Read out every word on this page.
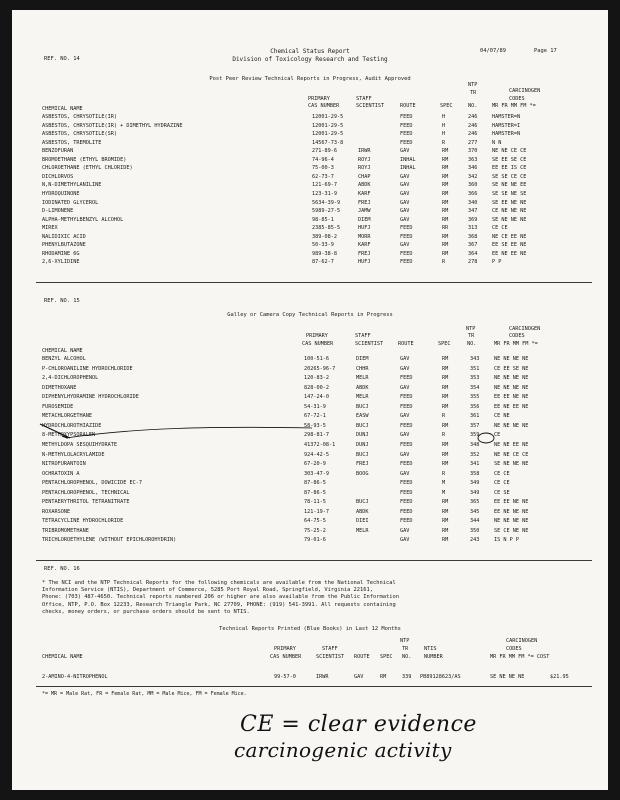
REF. NO. 14
Chemical Status Report
Division of Toxicology Research and Testing
04/07/89	Page 17
Post Peer Review Technical Reports in Progress, Audit Approved
NTP
CARCINOGEN
PRIMARY	STAFF
TR
CODES
CHEMICAL NAME	CAS NUMBER	SCIENTIST	ROUTE	SPEC	NO.	MR FR MM FM *=
ASBESTOS, CHRYSOTILE(IR)	12001-29-5	FEED	H	246	HAMSTER=N
ASBESTOS, CHRYSOTILE(IR) + DIMETHYL HYDRAZINE	12001-29-5	FEED	H	246	HAMSTER=I
ASBESTOS, CHRYSOTILE(SR)	12001-29-5	FEED	H	246	HAMSTER=N
ASBESTOS, TREMOLITE	14567-73-8	FEED	R	277	N N
BENZOFURAN	271-89-6	IRWR	GAV	RM	370	NE NE CE CE
BROMOETHANE (ETHYL BROMIDE)	74-96-4	ROYJ	INHAL	RM	363	SE EE SE CE
CHLOROETHANE (ETHYL CHLORIDE)	75-00-3	ROYJ	INHAL	RM	346	EE EE IS CE
DICHLORVOS	62-73-7	CHAP	GAV	RM	342	SE SE CE CE
N,N-DIMETHYLANILINE	121-69-7	ABDK	GAV	RM	360	SE NE NE EE
HYDROQUINONE	123-31-9	KARF	GAV	RM	366	SE SE NE SE
IODINATED GLYCEROL	5634-39-9	FREJ	GAV	RM	340	SE EE NE NE
D-LIMONENE	5989-27-5	JAMW	GAV	RM	347	CE NE NE NE
ALPHA-METHYLBENZYL ALCOHOL	98-85-1	DIEM	GAV	RM	369	SE NE NE NE
MIREX	2385-85-5	HUFJ	FEED	RR	313	CE CE
NALIDIXIC ACID	389-08-2	MORR	FEED	RM	368	NE CE EE NE
PHENYLBUTAZONE	50-33-9	KARF	GAV	RM	367	EE SE EE NE
RHODAMINE 6G	989-38-8	FREJ	FEED	RM	364	EE NE EE NE
2,6-XYLIDINE	87-62-7	HUFJ	FEED	R	278	P P
REF. NO. 15
Galley or Camera Copy Technical Reports in Progress
NTP	CARCINOGEN
PRIMARY	STAFF	TR	CODES
CHEMICAL NAME
CAS NUMBER	SCIENTIST	ROUTE	SPEC	NO.	MR FR MM FM *=
BENZYL ALCOHOL	100-51-6	DIEM	GAV	RM	343	NE NE NE NE
P-CHLOROANILINE HYDROCHLORIDE	20265-96-7	CHHR	GAV	RM	351	CE EE SE NE
2,4-DICHLOROPHENOL	120-83-2	MELR	FEED	RM	353	NE NE NE NE
DIMETHOXANE	828-00-2	ABDK	GAV	RM	354	NE NE NE NE
DIPHENYLHYDRAMINE HYDROCHLORIDE	147-24-0	MELR	FEED	RM	355	EE EE NE NE
FUROSEMIDE	54-31-9	BUCJ	FEED	RM	356	EE NE EE NE
METACHLORGETHANE	67-72-1	EASW	GAV	R	361	CE NE
HYDROCHLOROTHIAZIDE	58-93-5	BUCJ	FEED	RM	357	NE NE NE NE
8-METHOXYPSORALEN	298-81-7	DUNJ	GAV	R	359	CE
METHYLDOPA SESQUIHYDRATE	41372-08-1	DUNJ	FEED	RM	348	NE NE EE NE
N-METHYLOLACRYLAMIDE	924-42-5	BUCJ	GAV	RM	352	NE NE CE CE
NITROFURANTOIN	67-20-9	FREJ	FEED	RM	341	SE NE NE NE
OCHRATOXIN A	303-47-9	BOOG	GAV	R	358	CE CE
PENTACHLOROPHENOL, DOWICIDE EC-7	87-86-5	FEED	M	349	CE CE
PENTACHLOROPHENOL, TECHNICAL	87-86-5	FEED	M	349	CE SE
PENTAERYTHRITOL TETRANITRATE	78-11-5	BUCJ	FEED	RM	365	EE EE NE NE
ROXARSONE	121-19-7	ABDK	FEED	RM	345	EE NE NE NE
TETRACYCLINE HYDROCHLORIDE	64-75-5	DIEI	FEED	RM	344	NE NE NE NE
TRIBROMOMETHANE	75-25-2	MELR	GAV	RM	350	SE CE NE NE
TRICHLOROETHYLENE (WITHOUT EPICHLOROHYDRIN)	79-01-6	GAV	RM	243	IS N P P
REF. NO. 16
* The NCI and the NTP Technical Reports for the following chemicals are available from the National Technical
Information Service (NTIS), Department of Commerce, 5285 Port Royal Road, Springfield, Virginia 22161,
Phone: (703) 487-4650. Technical reports numbered 206 or higher are also available from the Public Information
Office, NTP, P.O. Box 12233, Research Triangle Park, NC 27709, PHONE: (919) 541-3991. All requests containing
checks, money orders, or purchase orders should be sent to NTIS.
Technical Reports Printed (Blue Books) in Last 12 Months
NTP	CARCINOGEN
PRIMARY	STAFF	TR	NTIS	CODES
CHEMICAL NAME	CAS NUMBER	SCIENTIST ROUTE SPEC NO. NUMBER	MR FR MM FM *= COST
2-AMINO-4-NITROPHENOL	99-57-0	IRWR	GAV	RM	339 PB89128623/AS	SE NE NE NE	$21.95
*= MR = Male Rat, FR = Female Rat, MM = Male Mice, FM = Female Mice.
CE = clear evidence
carcinogenic activity
